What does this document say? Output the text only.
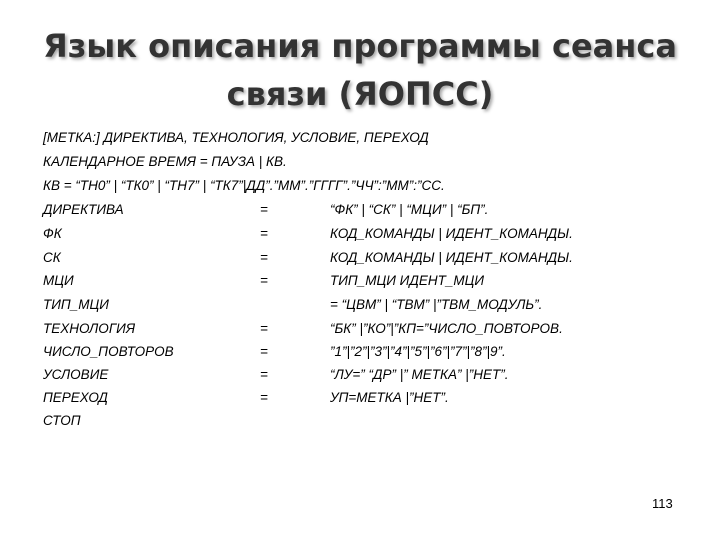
Язык описания программы сеанса
связи (ЯОПСС)
[МЕТКА:] ДИРЕКТИВА, ТЕХНОЛОГИЯ, УСЛОВИЕ, ПЕРЕХОД
КАЛЕНДАРНОЕ ВРЕМЯ = ПАУЗА | КВ.
КВ = “ТН0” | “ТК0” | “ТН7” | “ТК7”|ДД”.”ММ”.”ГГГГ”.”ЧЧ”:”ММ”:”СС.
ДИРЕКТИВА	=	“ФК” | “СК” | “МЦИ” | “БП”.
ФК	=	КОД_КОМАНДЫ | ИДЕНТ_КОМАНДЫ.
СК	=	КОД_КОМАНДЫ | ИДЕНТ_КОМАНДЫ.
МЦИ	=	ТИП_МЦИ ИДЕНТ_МЦИ
ТИП_МЦИ	= “ЦВМ” | “ТВМ” |”ТВМ_МОДУЛЬ”.
ТЕХНОЛОГИЯ	=	“БК” |”КО”|”КП=”ЧИСЛО_ПОВТОРОВ.
ЧИСЛО_ПОВТОРОВ	=	”1”|”2”|”3”|”4”|”5”|”6”|”7”|”8”|9”.
УСЛОВИЕ	=	“ЛУ=” “ДР” |” МЕТКА” |”НЕТ”.
ПЕРЕХОД	=	УП=МЕТКА |”НЕТ”.
СТОП
113
